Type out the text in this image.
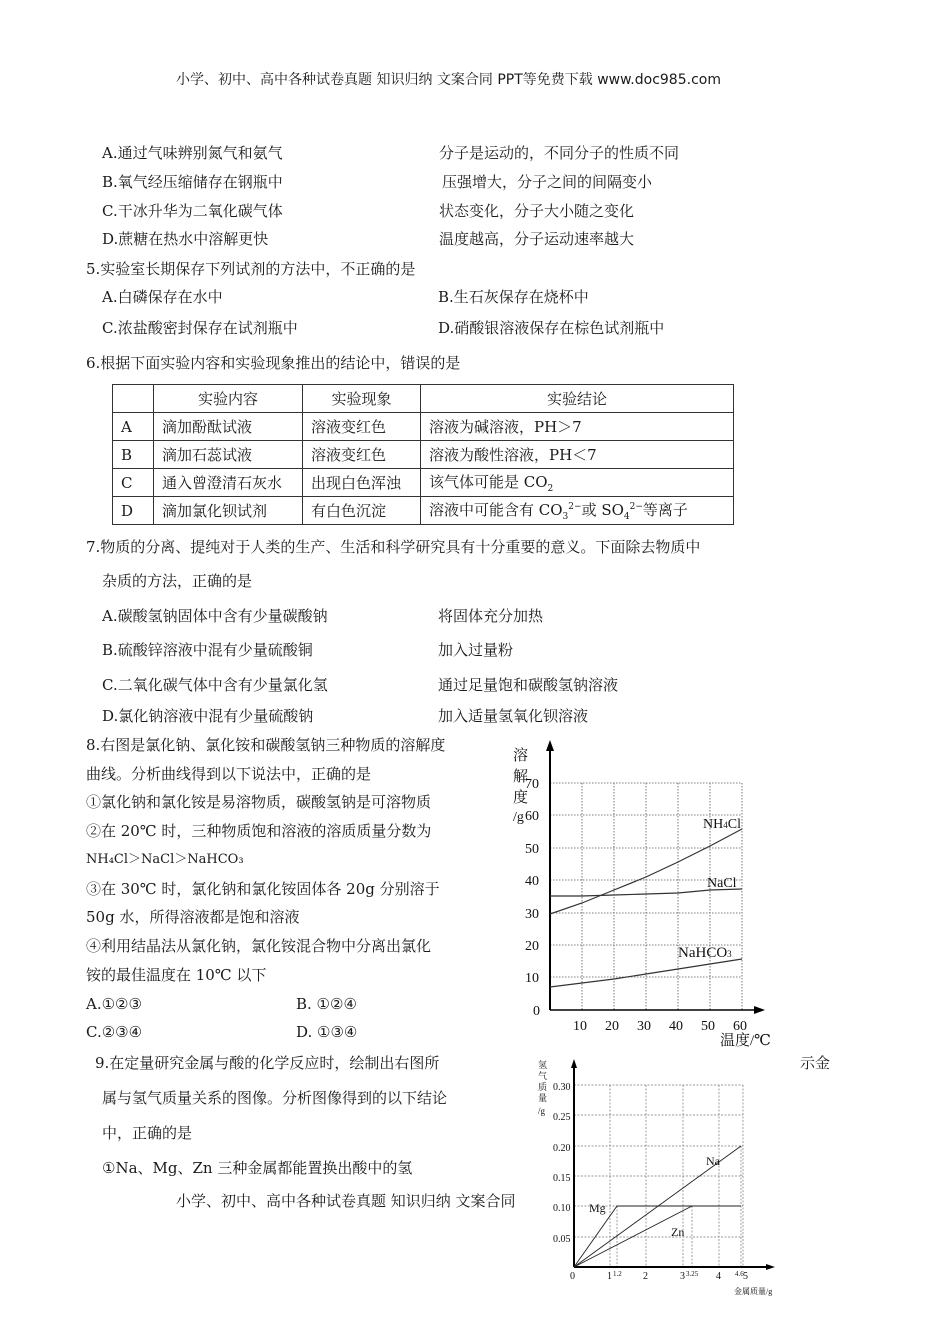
小学、初中、高中各种试卷真题 知识归纳 文案合同 PPT等免费下载 www.doc985.com
A.通过气味辨别氮气和氨气	分子是运动的，不同分子的性质不同
B.氧气经压缩储存在钢瓶中	压强增大，分子之间的间隔变小
C.干冰升华为二氧化碳气体	状态变化，分子大小随之变化
D.蔗糖在热水中溶解更快	温度越高，分子运动速率越大
5.实验室长期保存下列试剂的方法中，不正确的是
A.白磷保存在水中	B.生石灰保存在烧杯中
C.浓盐酸密封保存在试剂瓶中	D.硝酸银溶液保存在棕色试剂瓶中
6.根据下面实验内容和实验现象推出的结论中，错误的是
	实验内容	实验现象	实验结论
A	滴加酚酞试液	溶液变红色	溶液为碱溶液，PH＞7
B	滴加石蕊试液	溶液变红色	溶液为酸性溶液，PH＜7
C	通入曾澄清石灰水	出现白色浑浊	该气体可能是 $CO_2$
D	滴加氯化钡试剂	有白色沉淀	溶液中可能含有 $CO_3^{2-}$或 $SO_4^{2-}$等离子
7.物质的分离、提纯对于人类的生产、生活和科学研究具有十分重要的意义。下面除去物质中
杂质的方法，正确的是
A.碳酸氢钠固体中含有少量碳酸钠	将固体充分加热
B.硫酸锌溶液中混有少量硫酸铜	加入过量粉
C.二氧化碳气体中含有少量氯化氢	通过足量饱和碳酸氢钠溶液
D.氯化钠溶液中混有少量硫酸钠	加入适量氢氧化钡溶液
8.右图是氯化钠、氯化铵和碳酸氢钠三种物质的溶解度
曲线。分析曲线得到以下说法中，正确的是
①氯化钠和氯化铵是易溶物质，碳酸氢钠是可溶物质
②在 20℃ 时，三种物质饱和溶液的溶质质量分数为
NH₄Cl＞NaCl＞NaHCO₃
③在 30℃ 时，氯化钠和氯化铵固体各 20g 分别溶于
50g 水，所得溶液都是饱和溶液
④利用结晶法从氯化钠，氯化铵混合物中分离出氯化
铵的最佳温度在 10℃ 以下
A.①②③	B. ①②④
C.②③④	D. ①③④
NH4Cl
NaCl
NaHCO3
70
60
50
40
30
20
10
0
10 20 30 40 50 60
溶
解
度
/g
温度/℃
9.在定量研究金属与酸的化学反应时，绘制出右图所
属与氢气质量关系的图像。分析图像得到的以下结论
中，正确的是
①Na、Mg、Zn 三种金属都能置换出酸中的氢
示金
小学、初中、高中各种试卷真题 知识归纳 文案合同	Mg
Zn
Na
0.30
0.25
0.20
0.15
0.10
0.05
0	1 1.2 2	3 3.25 4 4.6 5
金属质量/g
氢
气
质
量
/g
